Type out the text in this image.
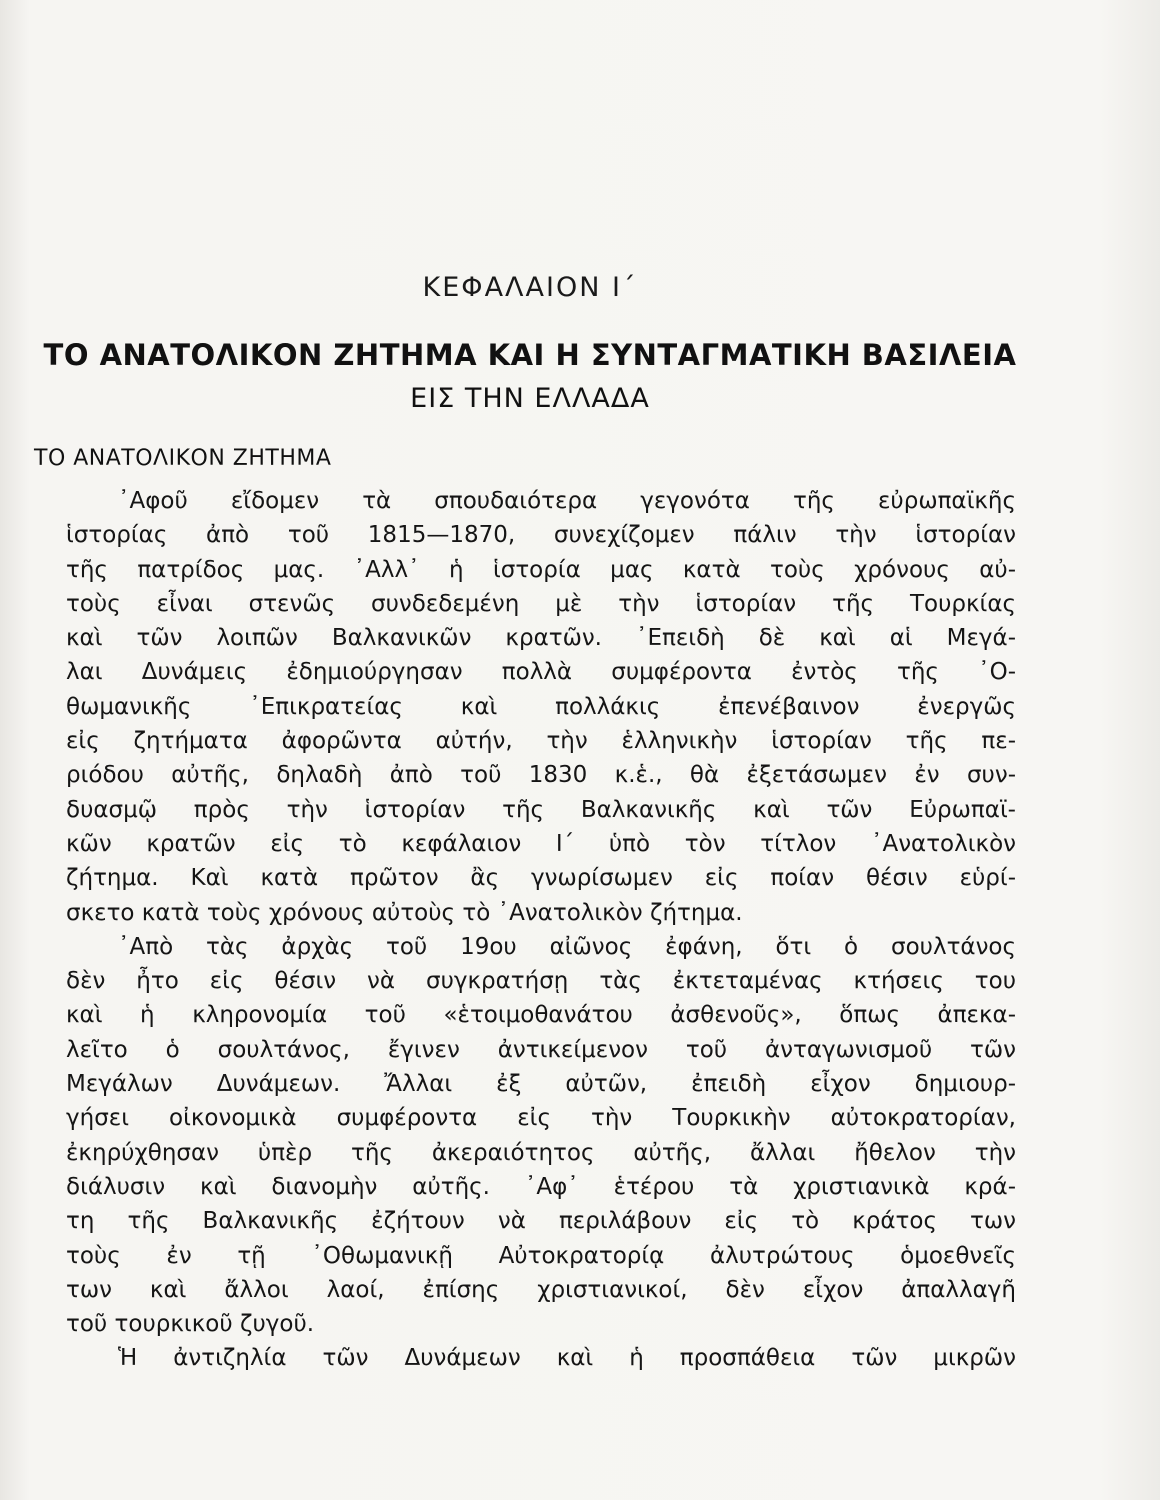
ΚΕΦΑΛΑΙΟΝ Ι΄
ΤΟ ΑΝΑΤΟΛΙΚΟΝ ΖΗΤΗΜΑ ΚΑΙ Η ΣΥΝΤΑΓΜΑΤΙΚΗ ΒΑΣΙΛΕΙΑ
ΕΙΣ ΤΗΝ ΕΛΛΑΔΑ
ΤΟ ΑΝΑΤΟΛΙΚΟΝ ΖΗΤΗΜΑ
᾿Αφοῦ εἴδομεν τὰ σπουδαιότερα γεγονότα τῆς εὐρωπαϊκῆς
ἱστορίας ἀπὸ τοῦ 1815—1870, συνεχίζομεν πάλιν τὴν ἱστορίαν
τῆς πατρίδος μας. ᾿Αλλ᾿ ἡ ἱστορία μας κατὰ τοὺς χρόνους αὐ-
τοὺς εἶναι στενῶς συνδεδεμένη μὲ τὴν ἱστορίαν τῆς Τουρκίας
καὶ τῶν λοιπῶν Βαλκανικῶν κρατῶν. ᾿Επειδὴ δὲ καὶ αἱ Μεγά-
λαι Δυνάμεις ἐδημιούργησαν πολλὰ συμφέροντα ἐντὸς τῆς ᾿Ο-
θωμανικῆς ᾿Επικρατείας καὶ πολλάκις ἐπενέβαινον ἐνεργῶς
εἰς ζητήματα ἀφορῶντα αὐτήν, τὴν ἑλληνικὴν ἱστορίαν τῆς πε-
ριόδου αὐτῆς, δηλαδὴ ἀπὸ τοῦ 1830 κ.ἑ., θὰ ἐξετάσωμεν ἐν συν-
δυασμῷ πρὸς τὴν ἱστορίαν τῆς Βαλκανικῆς καὶ τῶν Εὐρωπαϊ-
κῶν κρατῶν εἰς τὸ κεφάλαιον Ι΄ ὑπὸ τὸν τίτλον ᾿Ανατολικὸν
ζήτημα. Καὶ κατὰ πρῶτον ἂς γνωρίσωμεν εἰς ποίαν θέσιν εὑρί-
σκετο κατὰ τοὺς χρόνους αὐτοὺς τὸ ᾿Ανατολικὸν ζήτημα.
᾿Απὸ τὰς ἀρχὰς τοῦ 19ου αἰῶνος ἐφάνη, ὅτι ὁ σουλτάνος
δὲν ἦτο εἰς θέσιν νὰ συγκρατήσῃ τὰς ἐκτεταμένας κτήσεις του
καὶ ἡ κληρονομία τοῦ «ἑτοιμοθανάτου ἀσθενοῦς», ὅπως ἀπεκα-
λεῖτο ὁ σουλτάνος, ἔγινεν ἀντικείμενον τοῦ ἀνταγωνισμοῦ τῶν
Μεγάλων Δυνάμεων. Ἄλλαι ἐξ αὐτῶν, ἐπειδὴ εἶχον δημιουρ-
γήσει οἰκονομικὰ συμφέροντα εἰς τὴν Τουρκικὴν αὐτοκρατορίαν,
ἐκηρύχθησαν ὑπὲρ τῆς ἀκεραιότητος αὐτῆς, ἄλλαι ἤθελον τὴν
διάλυσιν καὶ διανομὴν αὐτῆς. ᾿Αφ᾿ ἑτέρου τὰ χριστιανικὰ κρά-
τη τῆς Βαλκανικῆς ἐζήτουν νὰ περιλάβουν εἰς τὸ κράτος των
τοὺς ἐν τῇ ᾿Οθωμανικῇ Αὐτοκρατορίᾳ ἀλυτρώτους ὁμοεθνεῖς
των καὶ ἄλλοι λαοί, ἐπίσης χριστιανικοί, δὲν εἶχον ἀπαλλαγῆ
τοῦ τουρκικοῦ ζυγοῦ.
Ἡ ἀντιζηλία τῶν Δυνάμεων καὶ ἡ προσπάθεια τῶν μικρῶν
